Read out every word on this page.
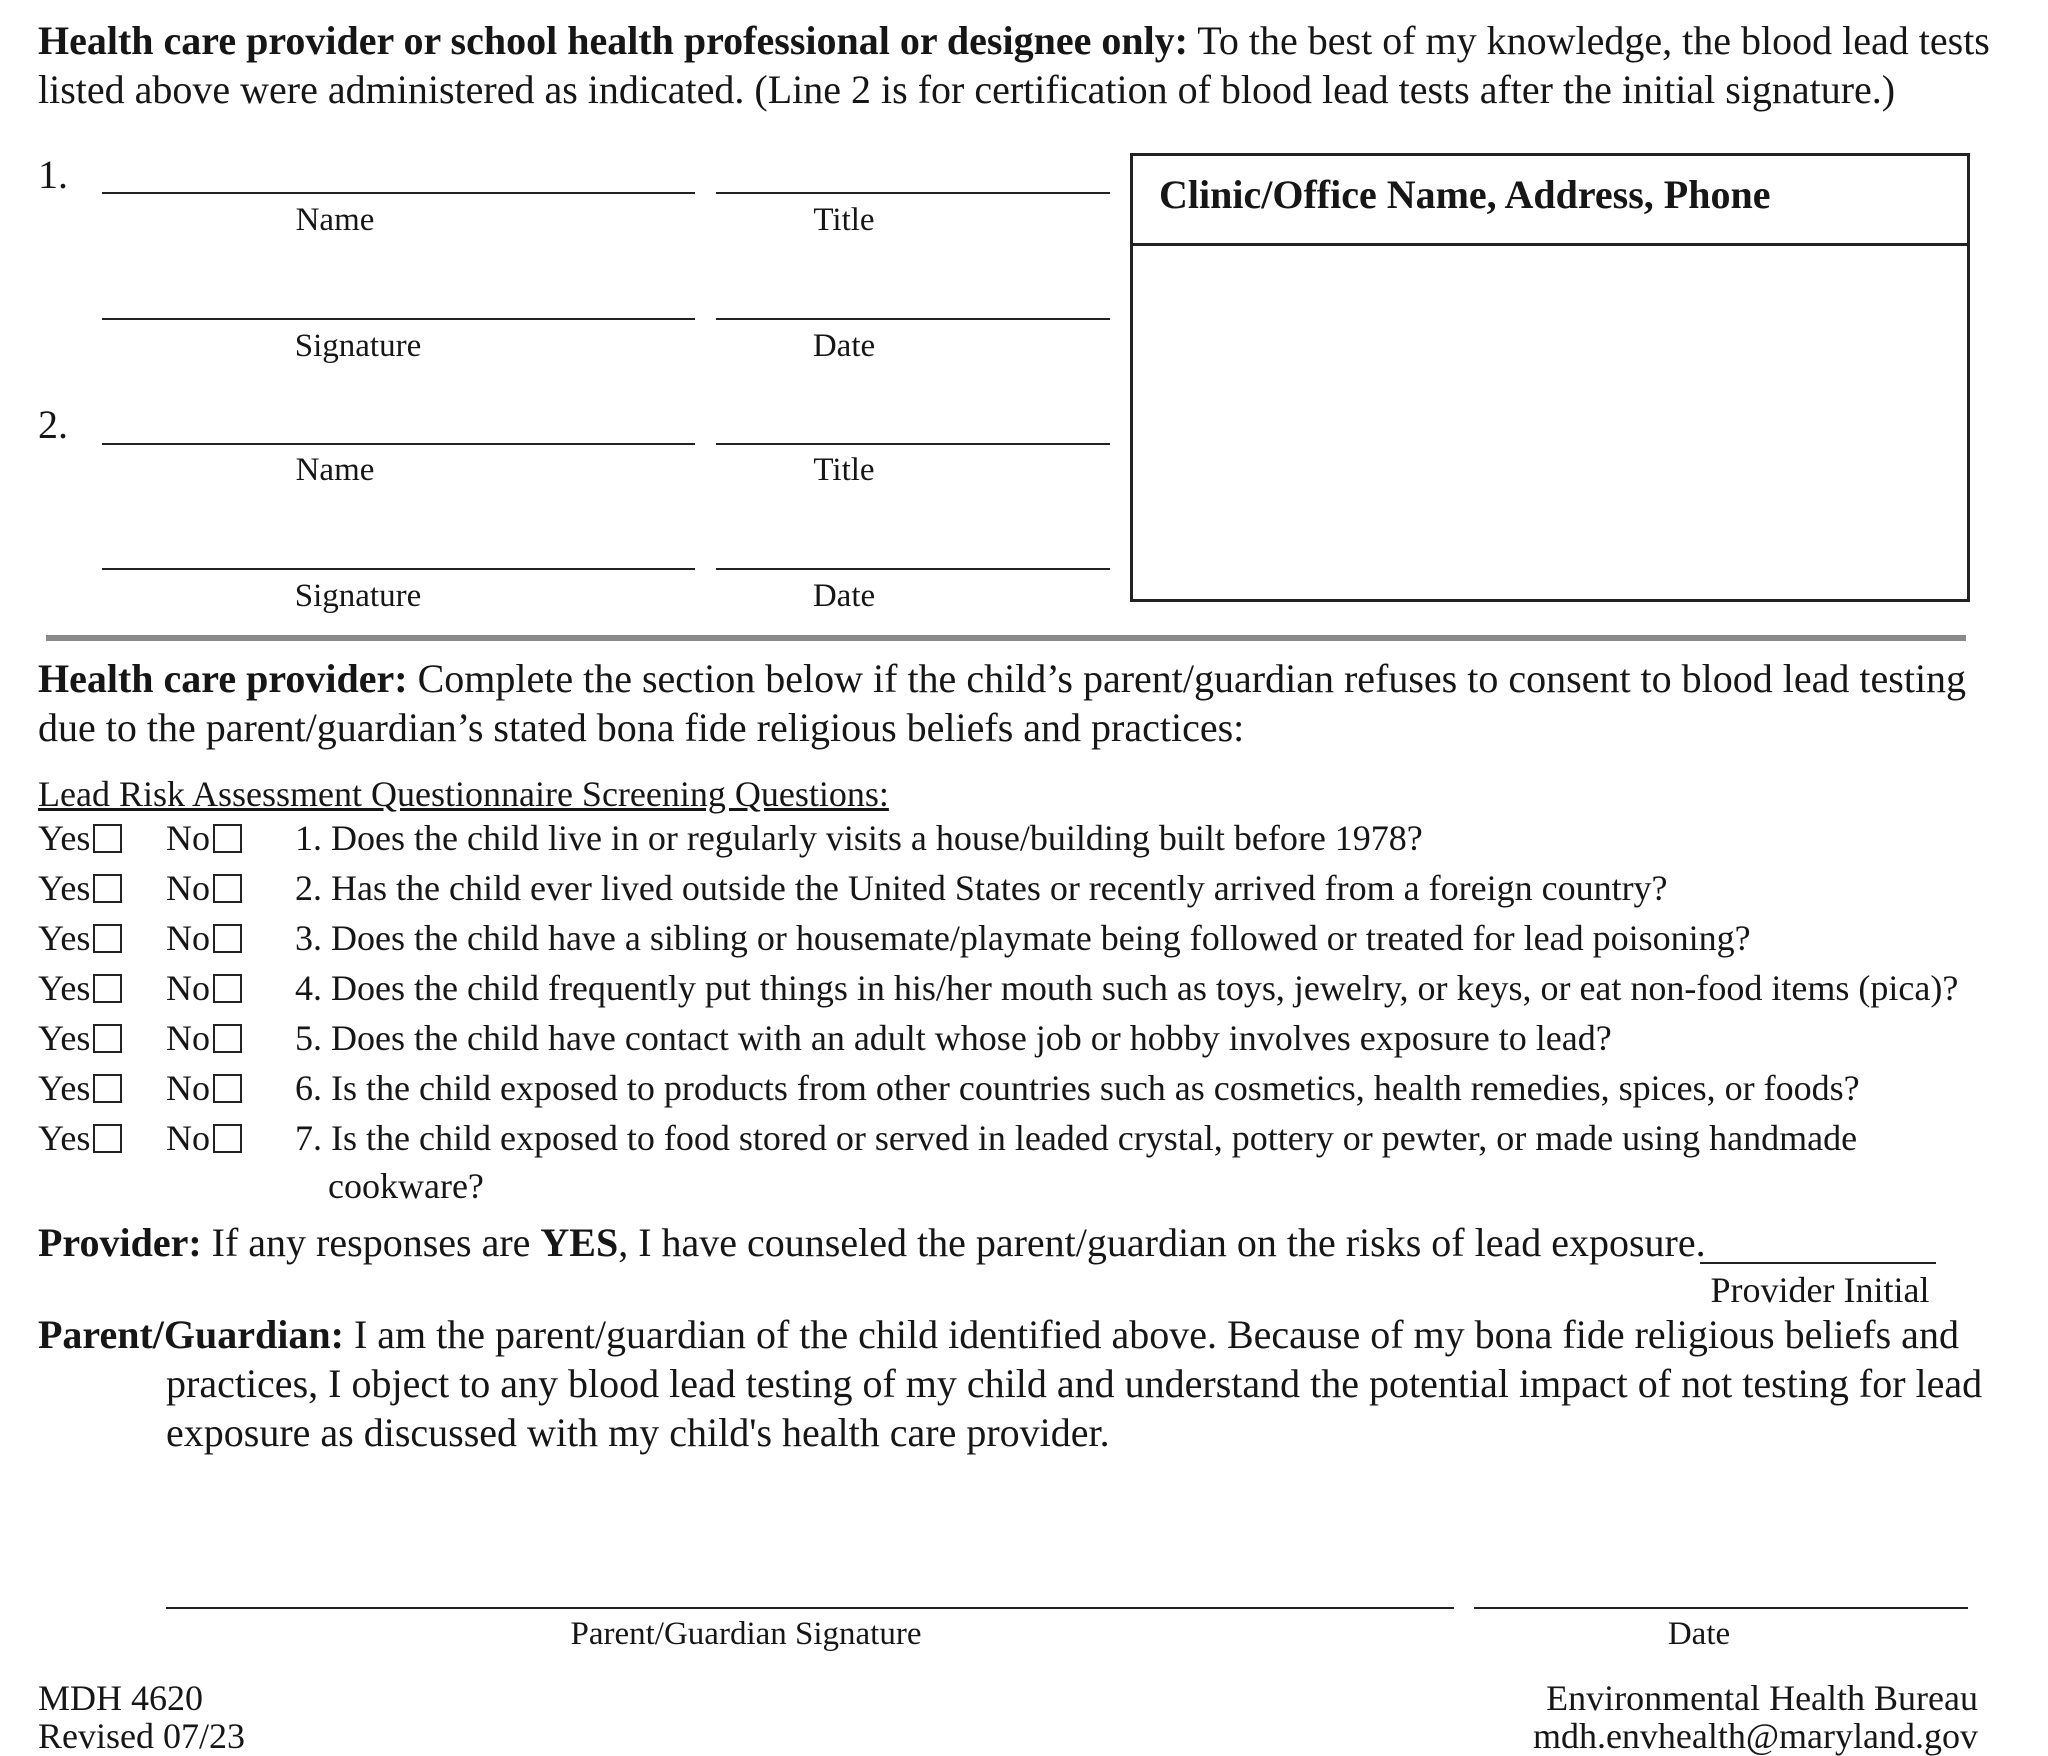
Health care provider or school health professional or designee only: To the best of my knowledge, the blood lead tests listed above were administered as indicated. (Line 2 is for certification of blood lead tests after the initial signature.)
1.
Name	Title
Signature	Date
2.
Name	Title
Signature	Date
Clinic/Office Name, Address, Phone
Health care provider: Complete the section below if the child’s parent/guardian refuses to consent to blood lead testing due to the parent/guardian’s stated bona fide religious beliefs and practices:
Lead Risk Assessment Questionnaire Screening Questions:
Yes	No	1. Does the child live in or regularly visits a house/building built before 1978?
Yes	No	2. Has the child ever lived outside the United States or recently arrived from a foreign country?
Yes	No	3. Does the child have a sibling or housemate/playmate being followed or treated for lead poisoning?
Yes	No	4. Does the child frequently put things in his/her mouth such as toys, jewelry, or keys, or eat non-food items (pica)?
Yes	No	5. Does the child have contact with an adult whose job or hobby involves exposure to lead?
Yes	No	6. Is the child exposed to products from other countries such as cosmetics, health remedies, spices, or foods?
Yes	No	7. Is the child exposed to food stored or served in leaded crystal, pottery or pewter, or made using handmade
cookware?
Provider: If any responses are YES, I have counseled the parent/guardian on the risks of lead exposure.
Provider Initial
Parent/Guardian: I am the parent/guardian of the child identified above. Because of my bona fide religious beliefs and
practices, I object to any blood lead testing of my child and understand the potential impact of not testing for lead
exposure as discussed with my child's health care provider.
Parent/Guardian Signature	Date
MDH 4620
Revised 07/23
Environmental Health Bureau
mdh.envhealth@maryland.gov
